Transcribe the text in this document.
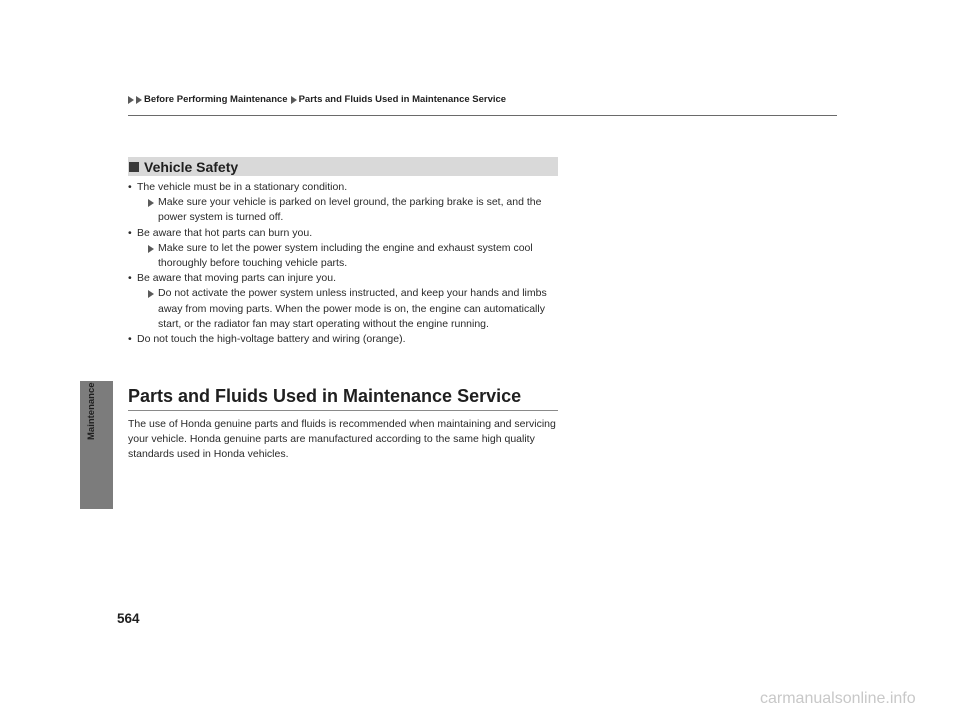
Before Performing Maintenance Parts and Fluids Used in Maintenance Service
Maintenance
Vehicle Safety
• The vehicle must be in a stationary condition.
Make sure your vehicle is parked on level ground, the parking brake is set, and the power system is turned off.
• Be aware that hot parts can burn you.
Make sure to let the power system including the engine and exhaust system cool thoroughly before touching vehicle parts.
• Be aware that moving parts can injure you.
Do not activate the power system unless instructed, and keep your hands and limbs away from moving parts. When the power mode is on, the engine can automatically start, or the radiator fan may start operating without the engine running.
• Do not touch the high-voltage battery and wiring (orange).
Parts and Fluids Used in Maintenance Service
The use of Honda genuine parts and fluids is recommended when maintaining and servicing your vehicle. Honda genuine parts are manufactured according to the same high quality standards used in Honda vehicles.
564
carmanualsonline.info
